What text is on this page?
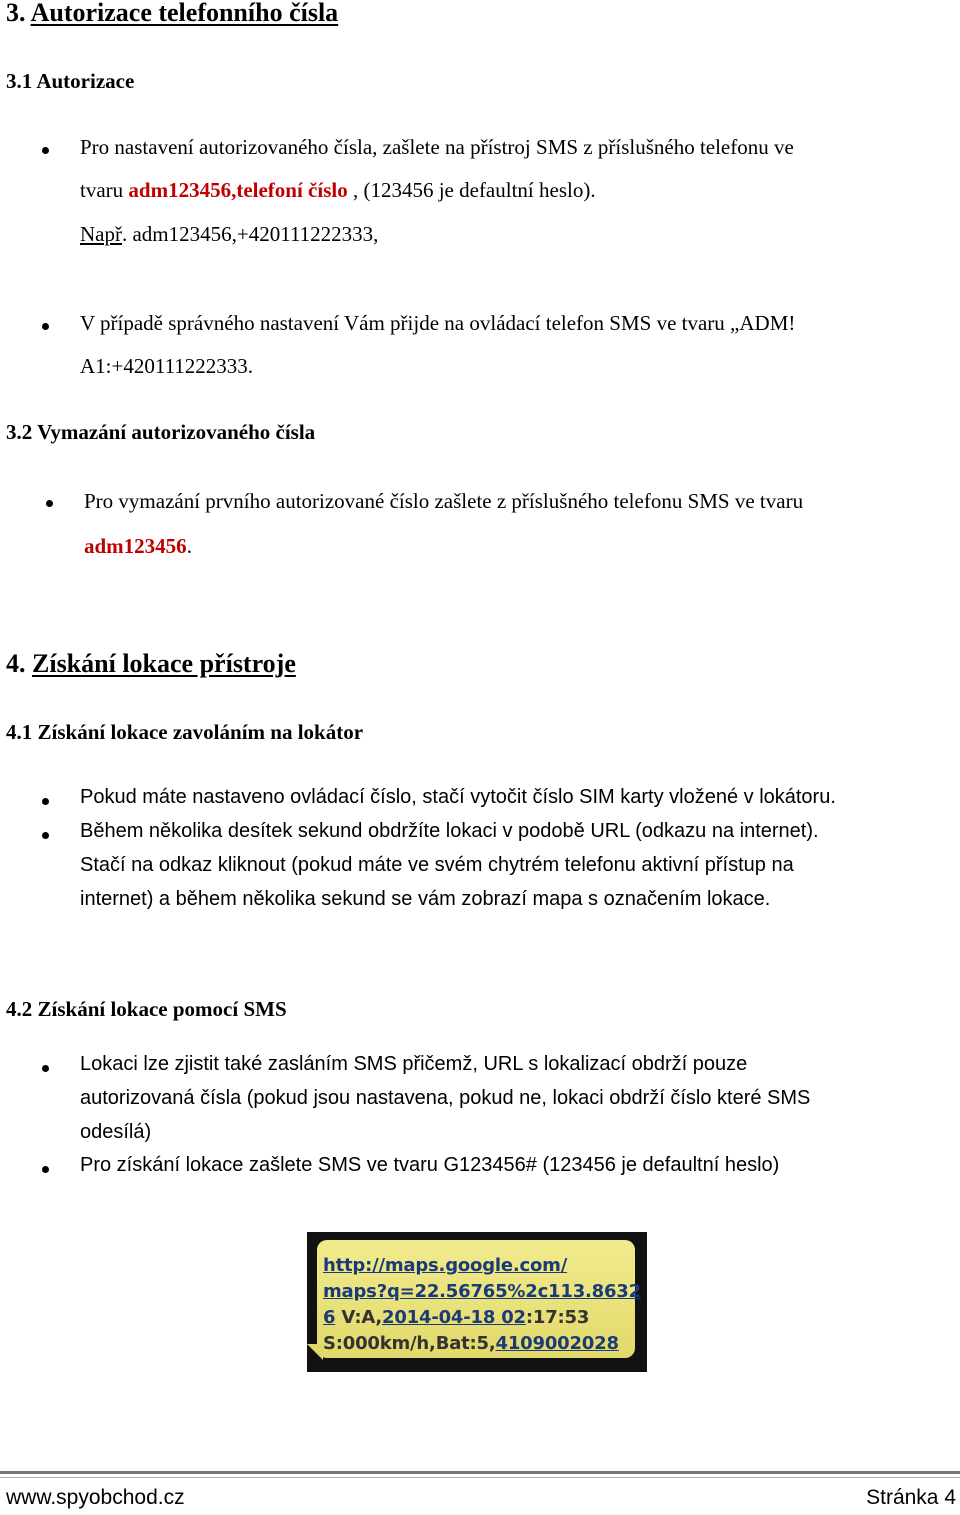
3. Autorizace telefonního čísla
3.1 Autorizace
Pro nastavení autorizovaného čísla, zašlete na přístroj SMS z příslušného telefonu ve
tvaru adm123456,telefoní číslo , (123456 je defaultní heslo).
Např. adm123456,+420111222333,
V případě správného nastavení Vám přijde na ovládací telefon SMS ve tvaru „ADM!
A1:+420111222333.
3.2 Vymazání autorizovaného čísla
Pro vymazání prvního autorizované číslo zašlete z příslušného telefonu SMS ve tvaru
adm123456.
4. Získání lokace přístroje
4.1 Získání lokace zavoláním na lokátor
Pokud máte nastaveno ovládací číslo, stačí vytočit číslo SIM karty vložené v lokátoru.
Během několika desítek sekund obdržíte lokaci v podobě URL (odkazu na internet).
Stačí na odkaz kliknout (pokud máte ve svém chytrém telefonu aktivní přístup na
internet) a během několika sekund se vám zobrazí mapa s označením lokace.
4.2 Získání lokace pomocí SMS
Lokaci lze zjistit také zasláním SMS přičemž, URL s lokalizací obdrží pouze
autorizovaná čísla (pokud jsou nastavena, pokud ne, lokaci obdrží číslo které SMS
odesílá)
Pro získání lokace zašlete SMS ve tvaru G123456# (123456 je defaultní heslo)
http://maps.google.com/
maps?q=22.56765%2c113.8632
6 V:A,2014-04-18 02:17:53
S:000km/h,Bat:5,4109002028
www.spyobchod.cz	Stránka 4
